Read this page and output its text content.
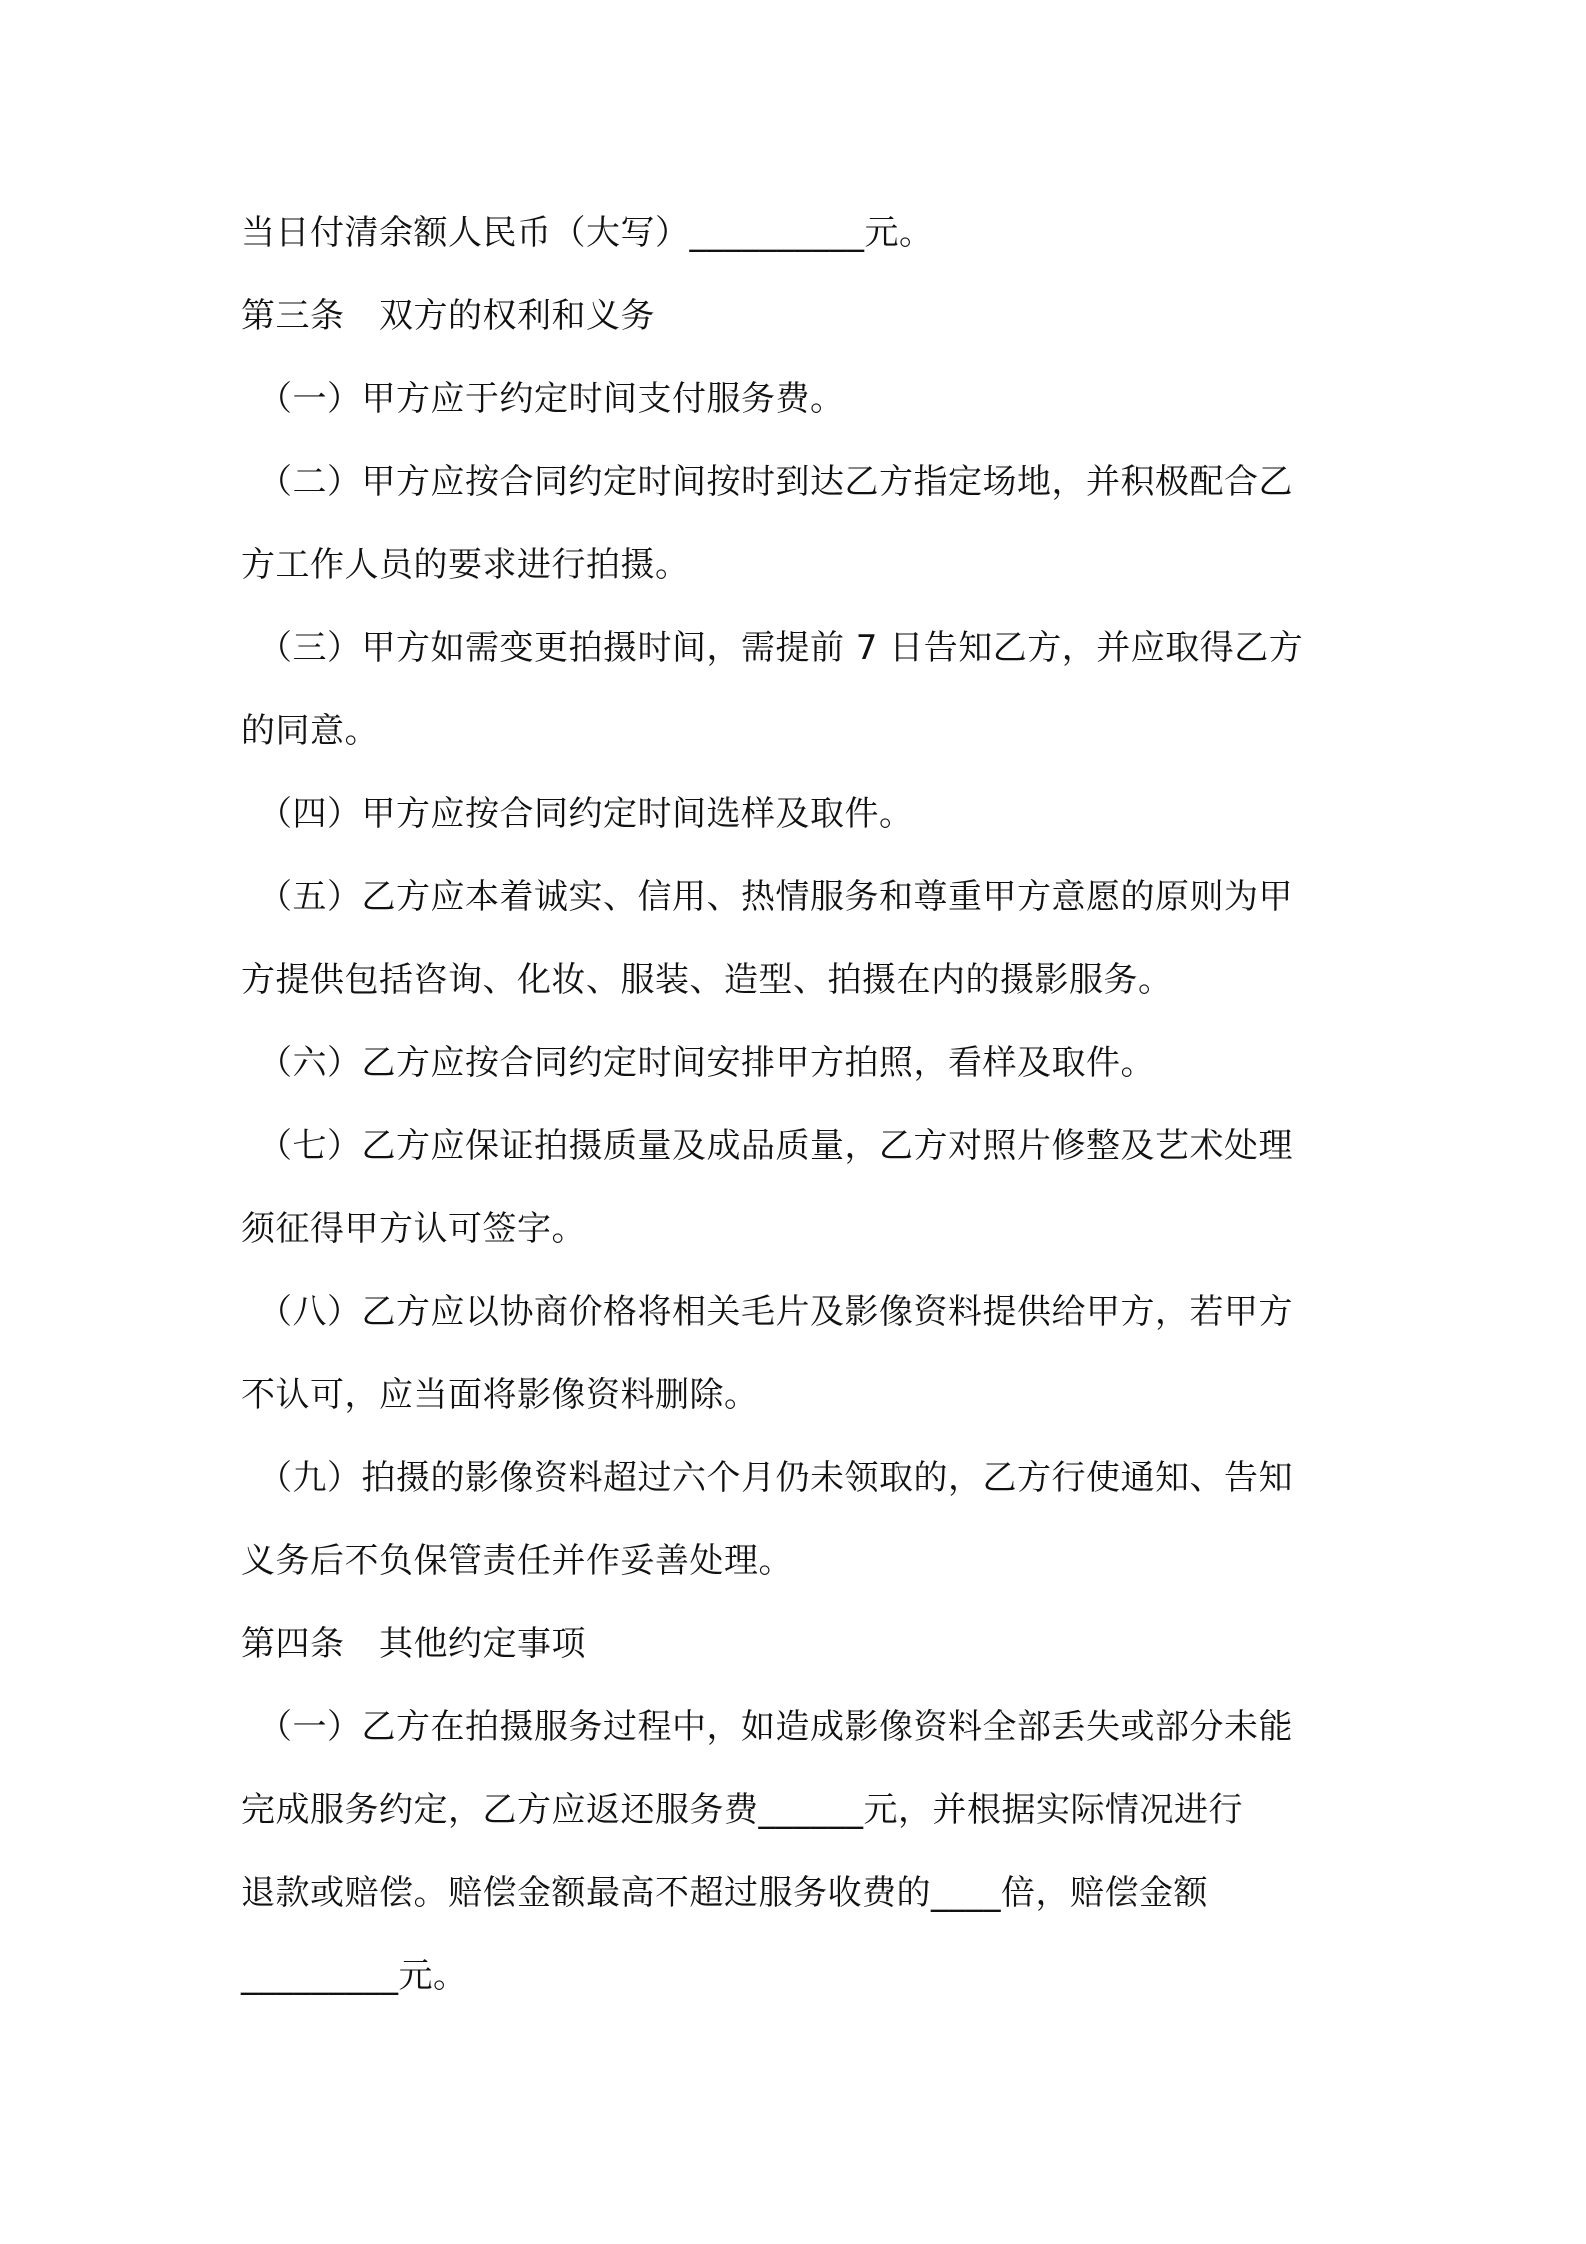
当日付清余额人民币（大写）__________元。
第三条　双方的权利和义务
（一）甲方应于约定时间支付服务费。
（二）甲方应按合同约定时间按时到达乙方指定场地，并积极配合乙
方工作人员的要求进行拍摄。
（三）甲方如需变更拍摄时间，需提前 7 日告知乙方，并应取得乙方
的同意。
（四）甲方应按合同约定时间选样及取件。
（五）乙方应本着诚实、信用、热情服务和尊重甲方意愿的原则为甲
方提供包括咨询、化妆、服装、造型、拍摄在内的摄影服务。
（六）乙方应按合同约定时间安排甲方拍照，看样及取件。
（七）乙方应保证拍摄质量及成品质量，乙方对照片修整及艺术处理
须征得甲方认可签字。
（八）乙方应以协商价格将相关毛片及影像资料提供给甲方，若甲方
不认可，应当面将影像资料删除。
（九）拍摄的影像资料超过六个月仍未领取的，乙方行使通知、告知
义务后不负保管责任并作妥善处理。
第四条　其他约定事项
（一）乙方在拍摄服务过程中，如造成影像资料全部丢失或部分未能
完成服务约定，乙方应返还服务费______元，并根据实际情况进行
退款或赔偿。赔偿金额最高不超过服务收费的____倍，赔偿金额
_________元。
